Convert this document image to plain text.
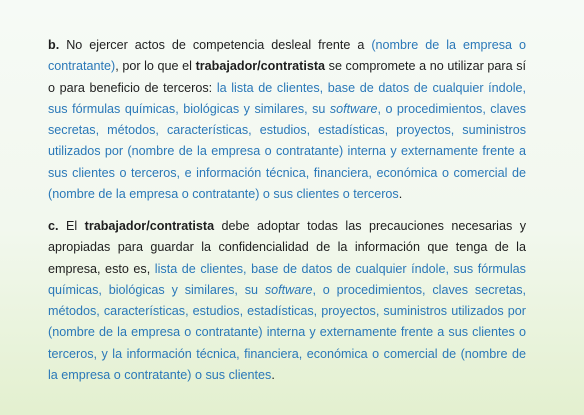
b. No ejercer actos de competencia desleal frente a (nombre de la empresa o contratante), por lo que el trabajador/contratista se compromete a no utilizar para sí o para beneficio de terceros: la lista de clientes, base de datos de cualquier índole, sus fórmulas químicas, biológicas y similares, su software, o procedimientos, claves secretas, métodos, características, estudios, estadísticas, proyectos, suministros utilizados por (nombre de la empresa o contratante) interna y externamente frente a sus clientes o terceros, e información técnica, financiera, económica o comercial de (nombre de la empresa o contratante) o sus clientes o terceros.

c. El trabajador/contratista debe adoptar todas las precauciones necesarias y apropiadas para guardar la confidencialidad de la información que tenga de la empresa, esto es, lista de clientes, base de datos de cualquier índole, sus fórmulas químicas, biológicas y similares, su software, o procedimientos, claves secretas, métodos, características, estudios, estadísticas, proyectos, suministros utilizados por (nombre de la empresa o contratante) interna y externamente frente a sus clientes o terceros, y la información técnica, financiera, económica o comercial de (nombre de la empresa o contratante) o sus clientes.
